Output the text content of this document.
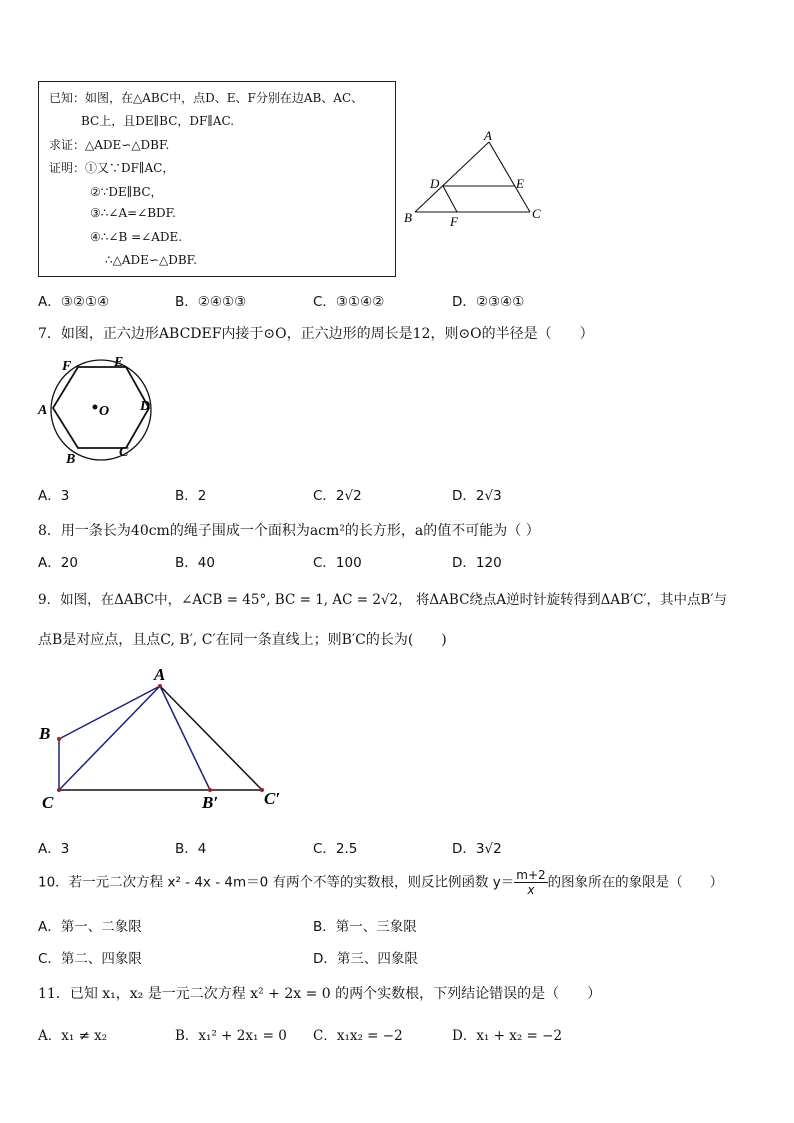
已知：如图，在△ABC中，点D、E、F分别在边AB、AC、
BC上，且DE∥BC，DF∥AC.
求证：△ADE∽△DBF.
证明：①又∵DF∥AC，
②∵DE∥BC，
③∴∠A=∠BDF.
④∴∠B =∠ADE.
∴△ADE∽△DBF.
A
D	E
B	F
C
A．③②①④	B．②④①③	C．③①④②	D．②③④①
7．如图，正六边形ABCDEF内接于⊙O，正六边形的周长是12，则⊙O的半径是（　　）
F	E
A	O D
B	C
A．3	B．2	C．2√2	D．2√3
8．用一条长为40cm的绳子围成一个面积为acm²的长方形，a的值不可能为（ ）
A．20	B．40	C．100	D．120
9．如图，在ΔABC中，∠ACB = 45°, BC = 1, AC = 2√2， 将ΔABC绕点A逆时针旋转得到ΔAB′C′，其中点B′与
点B是对应点，且点C, B′, C′在同一条直线上；则B′C的长为(　　)
A
B
C	B′	C′
A．3	B．4	C．2.5	D．3√2
10．若一元二次方程 x² - 4x - 4m＝0 有两个不等的实数根，则反比例函数 $y= \frac{m+2}{x}$ 的图象所在的象限是（　　）
A．第一、二象限	B．第一、三象限
C．第二、四象限	D．第三、四象限
11．已知 x₁，x₂ 是一元二次方程 x² + 2x = 0 的两个实数根，下列结论错误的是（　　）
A．x₁ ≠ x₂	B．x₁² + 2x₁ = 0 C．x₁x₂ = −2	D．x₁ + x₂ = −2
